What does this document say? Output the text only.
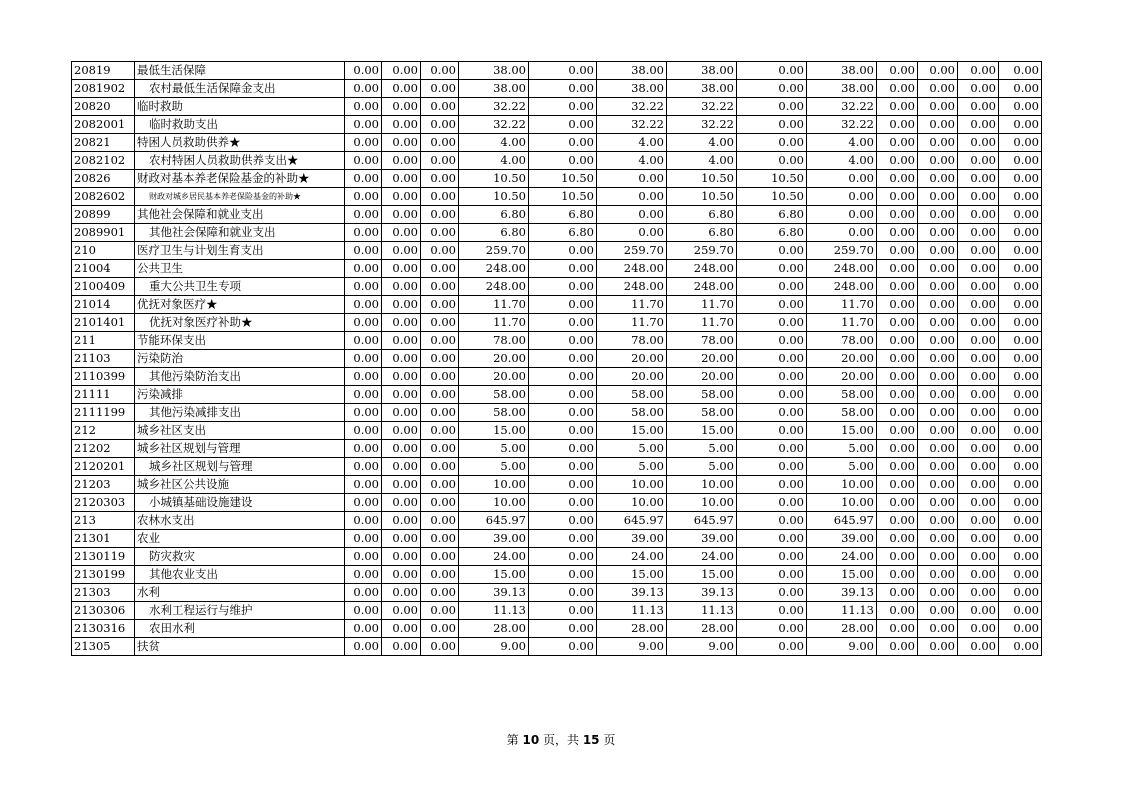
20819	最低生活保障	0.00	0.00	0.00	38.00	0.00	38.00	38.00	0.00	38.00	0.00	0.00	0.00	0.00
2081902	农村最低生活保障金支出	0.00	0.00	0.00	38.00	0.00	38.00	38.00	0.00	38.00	0.00	0.00	0.00	0.00
20820	临时救助	0.00	0.00	0.00	32.22	0.00	32.22	32.22	0.00	32.22	0.00	0.00	0.00	0.00
2082001	临时救助支出	0.00	0.00	0.00	32.22	0.00	32.22	32.22	0.00	32.22	0.00	0.00	0.00	0.00
20821	特困人员救助供养★	0.00	0.00	0.00	4.00	0.00	4.00	4.00	0.00	4.00	0.00	0.00	0.00	0.00
2082102	农村特困人员救助供养支出★	0.00	0.00	0.00	4.00	0.00	4.00	4.00	0.00	4.00	0.00	0.00	0.00	0.00
20826	财政对基本养老保险基金的补助★	0.00	0.00	0.00	10.50	10.50	0.00	10.50	10.50	0.00	0.00	0.00	0.00	0.00
2082602	财政对城乡居民基本养老保险基金的补助★	0.00	0.00	0.00	10.50	10.50	0.00	10.50	10.50	0.00	0.00	0.00	0.00	0.00
20899	其他社会保障和就业支出	0.00	0.00	0.00	6.80	6.80	0.00	6.80	6.80	0.00	0.00	0.00	0.00	0.00
2089901	其他社会保障和就业支出	0.00	0.00	0.00	6.80	6.80	0.00	6.80	6.80	0.00	0.00	0.00	0.00	0.00
210	医疗卫生与计划生育支出	0.00	0.00	0.00	259.70	0.00	259.70	259.70	0.00	259.70	0.00	0.00	0.00	0.00
21004	公共卫生	0.00	0.00	0.00	248.00	0.00	248.00	248.00	0.00	248.00	0.00	0.00	0.00	0.00
2100409	重大公共卫生专项	0.00	0.00	0.00	248.00	0.00	248.00	248.00	0.00	248.00	0.00	0.00	0.00	0.00
21014	优抚对象医疗★	0.00	0.00	0.00	11.70	0.00	11.70	11.70	0.00	11.70	0.00	0.00	0.00	0.00
2101401	优抚对象医疗补助★	0.00	0.00	0.00	11.70	0.00	11.70	11.70	0.00	11.70	0.00	0.00	0.00	0.00
211	节能环保支出	0.00	0.00	0.00	78.00	0.00	78.00	78.00	0.00	78.00	0.00	0.00	0.00	0.00
21103	污染防治	0.00	0.00	0.00	20.00	0.00	20.00	20.00	0.00	20.00	0.00	0.00	0.00	0.00
2110399	其他污染防治支出	0.00	0.00	0.00	20.00	0.00	20.00	20.00	0.00	20.00	0.00	0.00	0.00	0.00
21111	污染减排	0.00	0.00	0.00	58.00	0.00	58.00	58.00	0.00	58.00	0.00	0.00	0.00	0.00
2111199	其他污染减排支出	0.00	0.00	0.00	58.00	0.00	58.00	58.00	0.00	58.00	0.00	0.00	0.00	0.00
212	城乡社区支出	0.00	0.00	0.00	15.00	0.00	15.00	15.00	0.00	15.00	0.00	0.00	0.00	0.00
21202	城乡社区规划与管理	0.00	0.00	0.00	5.00	0.00	5.00	5.00	0.00	5.00	0.00	0.00	0.00	0.00
2120201	城乡社区规划与管理	0.00	0.00	0.00	5.00	0.00	5.00	5.00	0.00	5.00	0.00	0.00	0.00	0.00
21203	城乡社区公共设施	0.00	0.00	0.00	10.00	0.00	10.00	10.00	0.00	10.00	0.00	0.00	0.00	0.00
2120303	小城镇基础设施建设	0.00	0.00	0.00	10.00	0.00	10.00	10.00	0.00	10.00	0.00	0.00	0.00	0.00
213	农林水支出	0.00	0.00	0.00	645.97	0.00	645.97	645.97	0.00	645.97	0.00	0.00	0.00	0.00
21301	农业	0.00	0.00	0.00	39.00	0.00	39.00	39.00	0.00	39.00	0.00	0.00	0.00	0.00
2130119	防灾救灾	0.00	0.00	0.00	24.00	0.00	24.00	24.00	0.00	24.00	0.00	0.00	0.00	0.00
2130199	其他农业支出	0.00	0.00	0.00	15.00	0.00	15.00	15.00	0.00	15.00	0.00	0.00	0.00	0.00
21303	水利	0.00	0.00	0.00	39.13	0.00	39.13	39.13	0.00	39.13	0.00	0.00	0.00	0.00
2130306	水利工程运行与维护	0.00	0.00	0.00	11.13	0.00	11.13	11.13	0.00	11.13	0.00	0.00	0.00	0.00
2130316	农田水利	0.00	0.00	0.00	28.00	0.00	28.00	28.00	0.00	28.00	0.00	0.00	0.00	0.00
21305	扶贫	0.00	0.00	0.00	9.00	0.00	9.00	9.00	0.00	9.00	0.00	0.00	0.00	0.00
第 10 页，共 15 页
